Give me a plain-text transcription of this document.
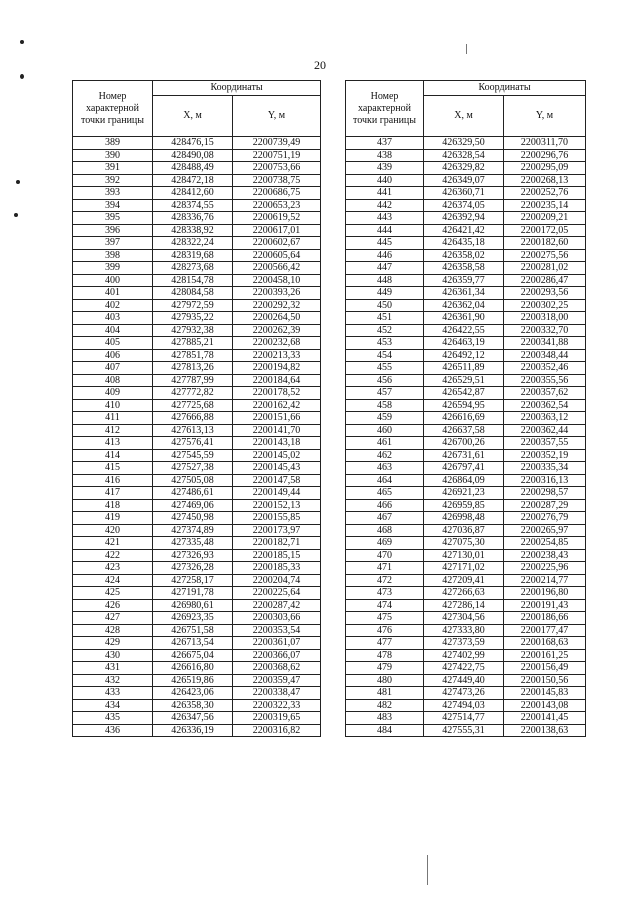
20
Номер характерной точки границы	Координаты	
	X, м	Y, м
389	428476,15	2200739,49
390	428490,08	2200751,19
391	428488,49	2200753,66
392	428472,18	2200738,75
393	428412,60	2200686,75
394	428374,55	2200653,23
395	428336,76	2200619,52
396	428338,92	2200617,01
397	428322,24	2200602,67
398	428319,68	2200605,64
399	428273,68	2200566,42
400	428154,78	2200458,10
401	428084,58	2200393,26
402	427972,59	2200292,32
403	427935,22	2200264,50
404	427932,38	2200262,39
405	427885,21	2200232,68
406	427851,78	2200213,33
407	427813,26	2200194,82
408	427787,99	2200184,64
409	427772,82	2200178,52
410	427725,68	2200162,42
411	427666,88	2200151,66
412	427613,13	2200141,70
413	427576,41	2200143,18
414	427545,59	2200145,02
415	427527,38	2200145,43
416	427505,08	2200147,58
417	427486,61	2200149,44
418	427469,06	2200152,13
419	427450,98	2200155,85
420	427374,89	2200173,97
421	427335,48	2200182,71
422	427326,93	2200185,15
423	427326,28	2200185,33
424	427258,17	2200204,74
425	427191,78	2200225,64
426	426980,61	2200287,42
427	426923,35	2200303,66
428	426751,58	2200353,54
429	426713,54	2200361,07
430	426675,04	2200366,07
431	426616,80	2200368,62
432	426519,86	2200359,47
433	426423,06	2200338,47
434	426358,30	2200322,33
435	426347,56	2200319,65
436	426336,19	2200316,82
Номер характерной точки границы	Координаты	
	X, м	Y, м
437	426329,50	2200311,70
438	426328,54	2200296,76
439	426329,82	2200295,09
440	426349,07	2200268,13
441	426360,71	2200252,76
442	426374,05	2200235,14
443	426392,94	2200209,21
444	426421,42	2200172,05
445	426435,18	2200182,60
446	426358,02	2200275,56
447	426358,58	2200281,02
448	426359,77	2200286,47
449	426361,34	2200293,56
450	426362,04	2200302,25
451	426361,90	2200318,00
452	426422,55	2200332,70
453	426463,19	2200341,88
454	426492,12	2200348,44
455	426511,89	2200352,46
456	426529,51	2200355,56
457	426542,87	2200357,62
458	426594,95	2200362,54
459	426616,69	2200363,12
460	426637,58	2200362,44
461	426700,26	2200357,55
462	426731,61	2200352,19
463	426797,41	2200335,34
464	426864,09	2200316,13
465	426921,23	2200298,57
466	426959,85	2200287,29
467	426998,48	2200276,79
468	427036,87	2200265,97
469	427075,30	2200254,85
470	427130,01	2200238,43
471	427171,02	2200225,96
472	427209,41	2200214,77
473	427266,63	2200196,80
474	427286,14	2200191,43
475	427304,56	2200186,66
476	427333,80	2200177,47
477	427373,59	2200168,63
478	427402,99	2200161,25
479	427422,75	2200156,49
480	427449,40	2200150,56
481	427473,26	2200145,83
482	427494,03	2200143,08
483	427514,77	2200141,45
484	427555,31	2200138,63
